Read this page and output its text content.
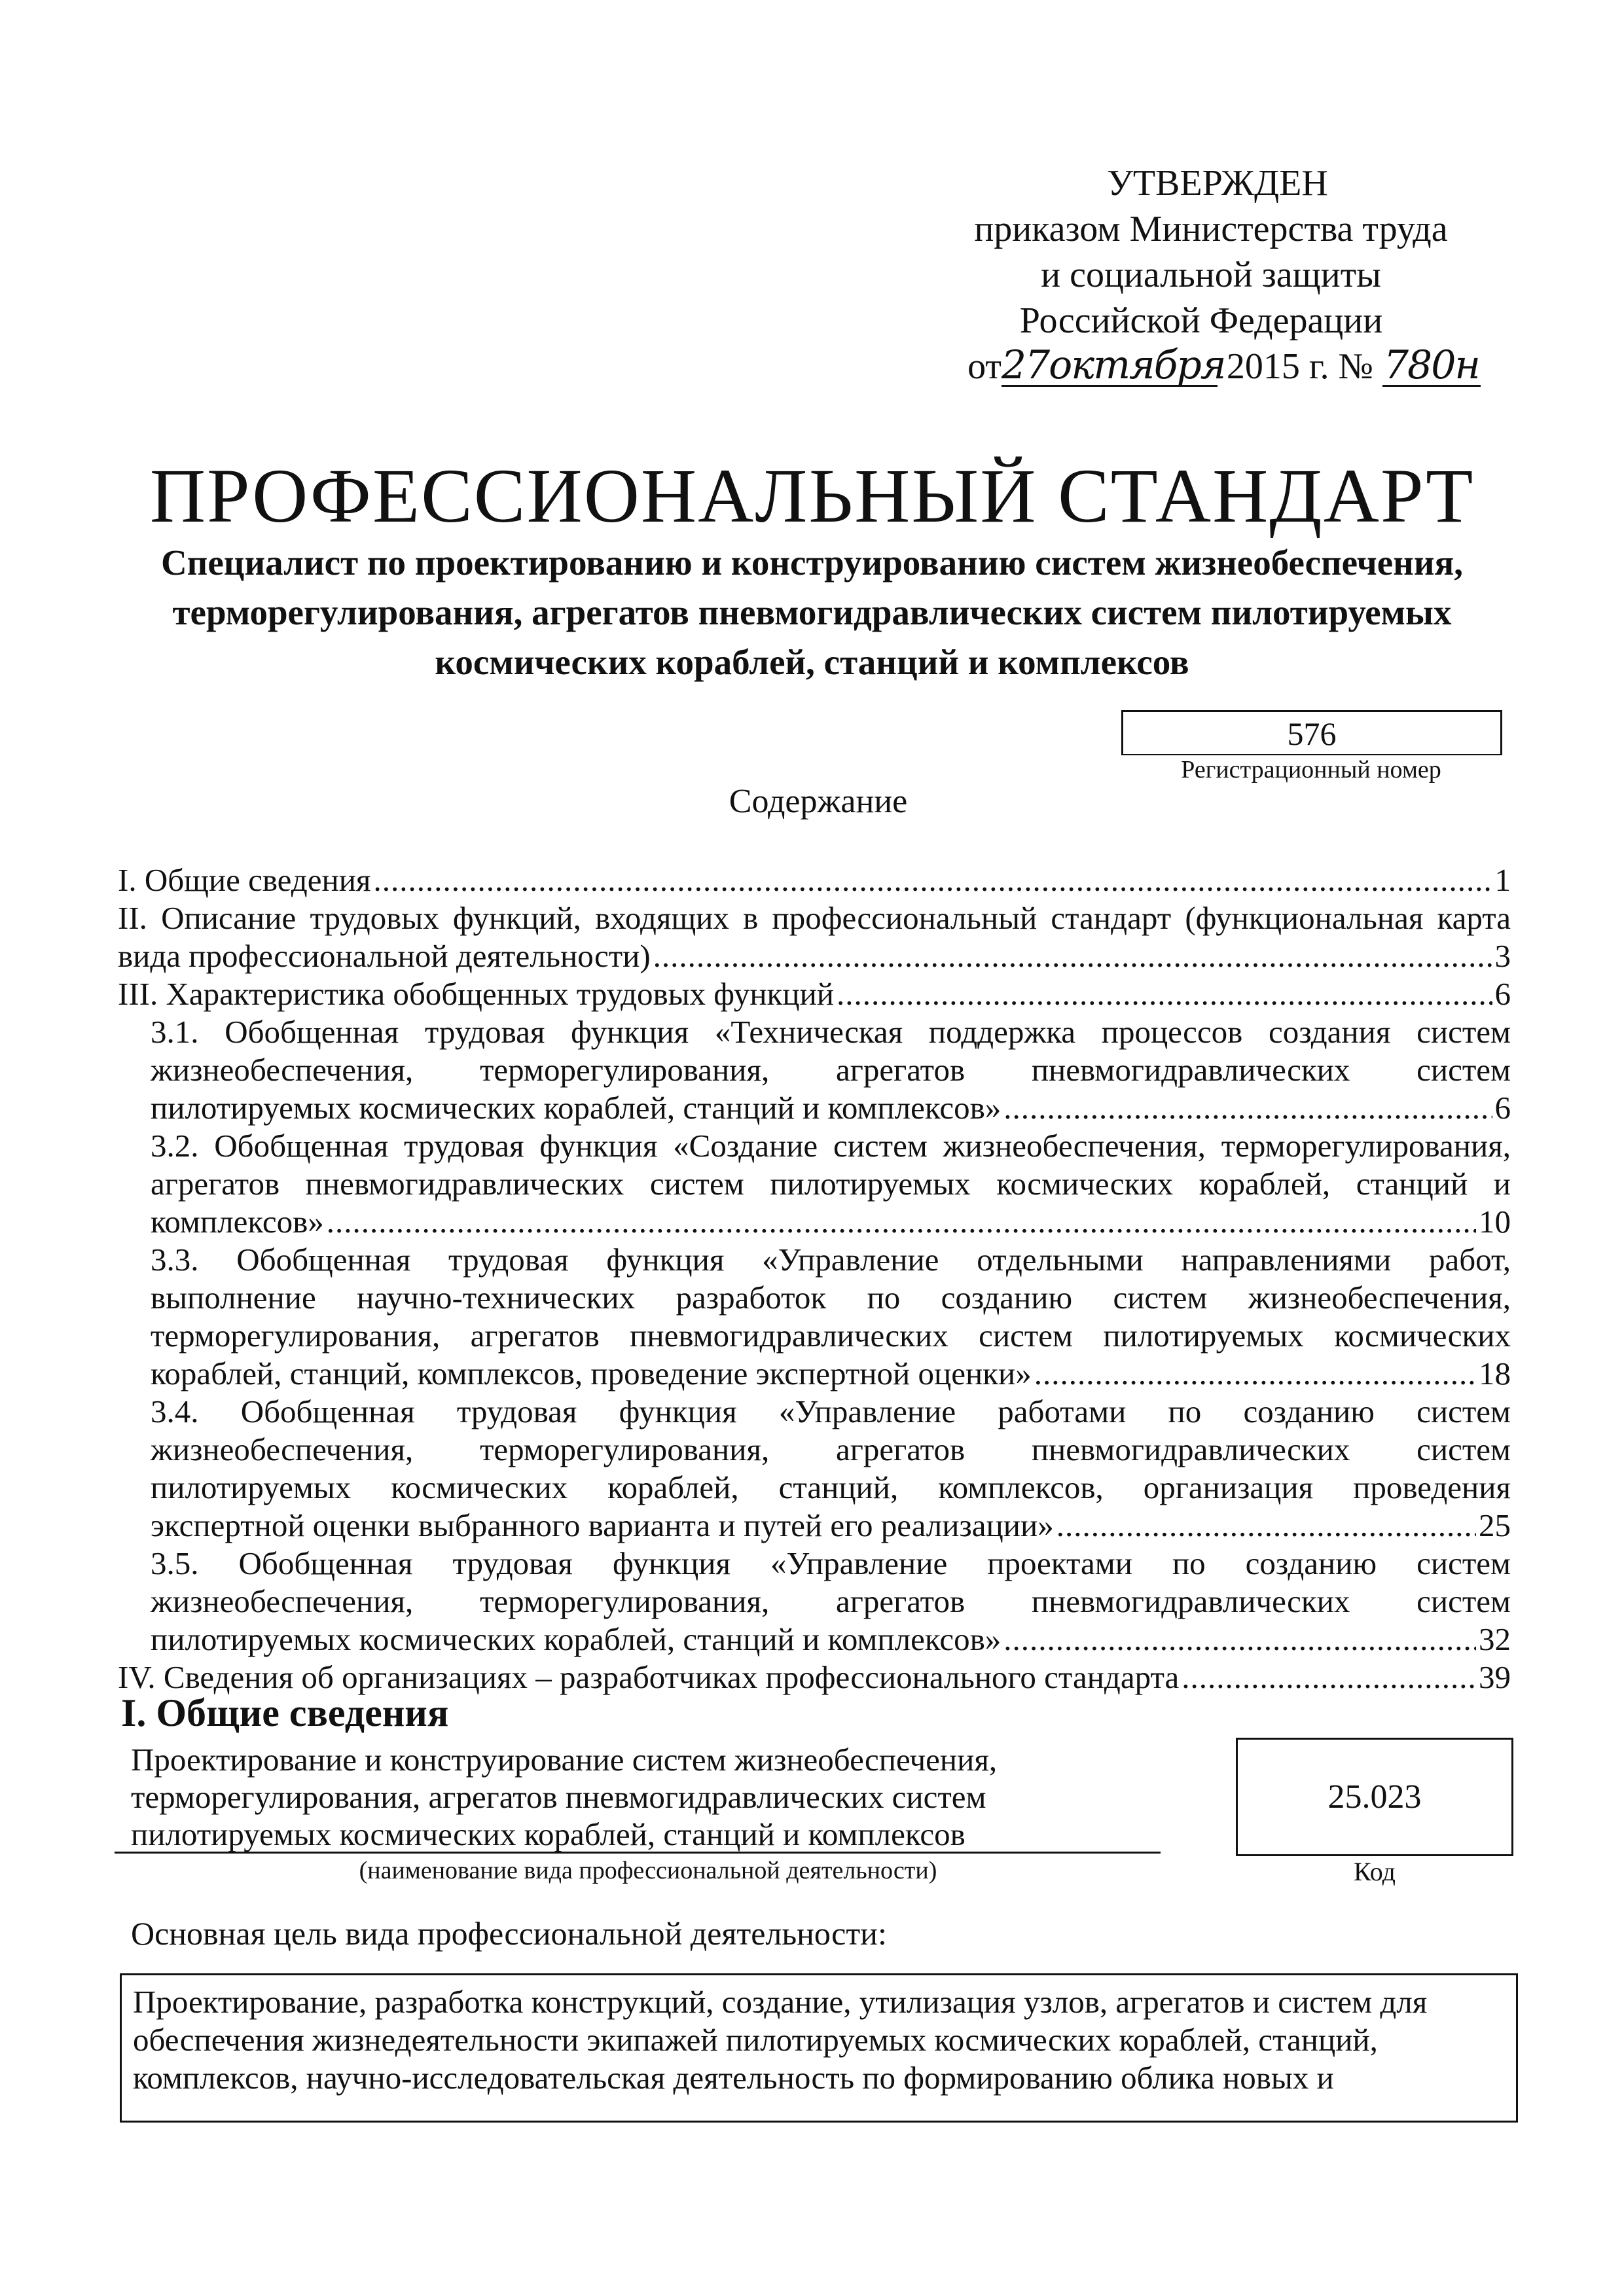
УТВЕРЖДЕН
приказом Министерства труда
и социальной защиты
Российской Федерации
от27октября 2015 г. № 780н
ПРОФЕССИОНАЛЬНЫЙ СТАНДАРТ
Специалист по проектированию и конструированию систем жизнеобеспечения,
терморегулирования, агрегатов пневмогидравлических систем пилотируемых
космических кораблей, станций и комплексов
576
Регистрационный номер
Содержание
I. Общие сведения .....	1
II. Описание трудовых функций, входящих в профессиональный стандарт (функциональная карта
вида профессиональной деятельности) .....	3
III. Характеристика обобщенных трудовых функций .....	6
3.1. Обобщенная трудовая функция «Техническая поддержка процессов создания систем
жизнеобеспечения, терморегулирования, агрегатов пневмогидравлических систем
пилотируемых космических кораблей, станций и комплексов» .....	6
3.2. Обобщенная трудовая функция «Создание систем жизнеобеспечения, терморегулирования,
агрегатов пневмогидравлических систем пилотируемых космических кораблей, станций и
комплексов» .....	10
3.3. Обобщенная трудовая функция «Управление отдельными направлениями работ,
выполнение научно-технических разработок по созданию систем жизнеобеспечения,
терморегулирования, агрегатов пневмогидравлических систем пилотируемых космических
кораблей, станций, комплексов, проведение экспертной оценки» .....	18
3.4. Обобщенная трудовая функция «Управление работами по созданию систем
жизнеобеспечения, терморегулирования, агрегатов пневмогидравлических систем
пилотируемых космических кораблей, станций, комплексов, организация проведения
экспертной оценки выбранного варианта и путей его реализации» .....	25
3.5. Обобщенная трудовая функция «Управление проектами по созданию систем
жизнеобеспечения, терморегулирования, агрегатов пневмогидравлических систем
пилотируемых космических кораблей, станций и комплексов» .....	32
IV. Сведения об организациях – разработчиках профессионального стандарта .....	39
I. Общие сведения
Проектирование и конструирование систем жизнеобеспечения,
терморегулирования, агрегатов пневмогидравлических систем
пилотируемых космических кораблей, станций и комплексов
(наименование вида профессиональной деятельности)
25.023
Код
Основная цель вида профессиональной деятельности:
Проектирование, разработка конструкций, создание, утилизация узлов, агрегатов и систем для
обеспечения жизнедеятельности экипажей пилотируемых космических кораблей, станций,
комплексов, научно-исследовательская деятельность по формированию облика новых и
